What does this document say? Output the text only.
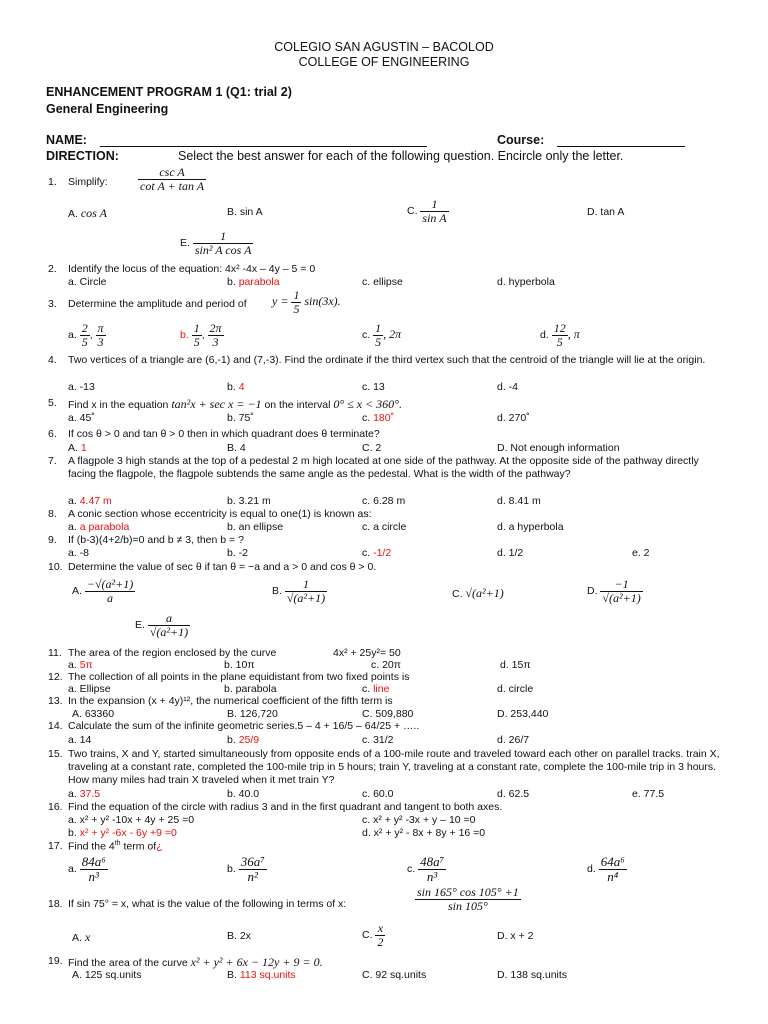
COLEGIO SAN AGUSTIN – BACOLOD
COLLEGE OF ENGINEERING
ENHANCEMENT PROGRAM 1 (Q1: trial 2)
General Engineering
NAME:	Course:
DIRECTION:	Select the best answer for each of the following question. Encircle only the letter.
1. Simplify:	$\frac{\text{csc A}}{\text{cot A + tan A}}$
A. cos A	B. sin A	C. $\frac{1}{\text{sin A}}$	D. tan A
E. $\frac{1}{\text{sin² A cos A}}$
2. Identify the locus of the equation: 4x² -4x – 4y – 5 = 0
a. Circle	b. parabola	c. ellipse	d. hyperbola
3. Determine the amplitude and period of $y = \frac{1}{5} \sin(3x)$.
a. $\frac{2}{5}$ , $\frac{\pi}{3}$	b. $\frac{1}{5}$ , $\frac{2\pi}{3}$	c. $\frac{1}{5}$ , 2π	d. $\frac{12}{5}$ , π
4. Two vertices of a triangle are (6,-1) and (7,-3). Find the ordinate if the third vertex such that the centroid of the triangle will lie at the origin.
a. -13	b. 4	c. 13	d. -4
5. Find x in the equation tan²x + sec x = −1 on the interval 0° ≤ x < 360°.
a. 45˚	b. 75˚	c. 180˚	d. 270˚
6. If cos θ > 0 and tan θ > 0 then in which quadrant does θ terminate?
A. 1	B. 4	C. 2	D. Not enough information
7. A flagpole 3 high stands at the top of a pedestal 2 m high located at one side of the pathway. At the opposite side of the pathway directly facing the flagpole, the flagpole subtends the same angle as the pedestal. What is the width of the pathway?
a. 4.47 m	b. 3.21 m	c. 6.28 m	d. 8.41 m
8. A conic section whose eccentricity is equal to one(1) is known as:
a. a parabola	b. an ellipse	c. a circle	d. a hyperbola
9. If (b-3)(4+2/b)=0 and b ≠ 3, then b = ?
a. -8	b. -2	c. -1/2	d. 1/2	e. 2
10. Determine the value of sec θ if tan θ = −a and a > 0 and cos θ > 0.
A. $\frac{\text{−√(a²+1)}}{a}$	B. $\frac{1}{\text{√(a²+1)}}$	C. √(a²+1)	D. $\frac{-1}{\text{√(a²+1)}}$
E. $\frac{a}{\text{√(a²+1)}}$
11. The area of the region enclosed by the curve	4x² + 25y²= 50
a. 5π	b. 10π	c. 20π	d. 15π
12. The collection of all points in the plane equidistant from two fixed points is
a. Ellipse	b. parabola	c. line	d. circle
13. In the expansion (x + 4y)¹², the numerical coefficient of the fifth term is
A. 63360	B. 126,720	C. 509,880	D. 253,440
14. Calculate the sum of the infinite geometric series.5 – 4 + 16/5 – 64/25 + …..
a. 14	b. 25/9	c. 31/2	d. 26/7
15. Two trains, X and Y, started simultaneously from opposite ends of a 100-mile route and traveled toward each other on parallel tracks. train X, traveling at a constant rate, completed the 100-mile trip in 5 hours; train Y, traveling at a constant rate, complete the 100-mile trip in 3 hours. How many miles had train X traveled when it met train Y?
a. 37.5	b. 40.0	c. 60.0	d. 62.5	e. 77.5
16. Find the equation of the circle with radius 3 and in the first quadrant and tangent to both axes.
a. x² + y² -10x + 4y + 25 =0	c. x² + y² -3x + y – 10 =0
b. x² + y² -6x - 6y +9 =0	d. x² + y² - 8x + 8y + 16 =0
17. Find the 4th term of¿
a. $\frac{\text{84a⁶}}{\text{n³}}$	b. $\frac{\text{36a⁷}}{\text{n²}}$	c. $\frac{\text{48a⁷}}{\text{n³}}$	d. $\frac{\text{64a⁶}}{\text{n⁴}}$
18. If sin 75° = x, what is the value of the following in terms of x:	$\frac{\sin 165^\circ \cos 105^\circ +1}{\sin 105^\circ}$
A. x	B. 2x	C. $\frac{x}{2}$	D. x + 2
19. Find the area of the curve x² + y² + 6x − 12y + 9 = 0.
A. 125 sq.units	B. 113 sq.units	C. 92 sq.units	D. 138 sq.units
